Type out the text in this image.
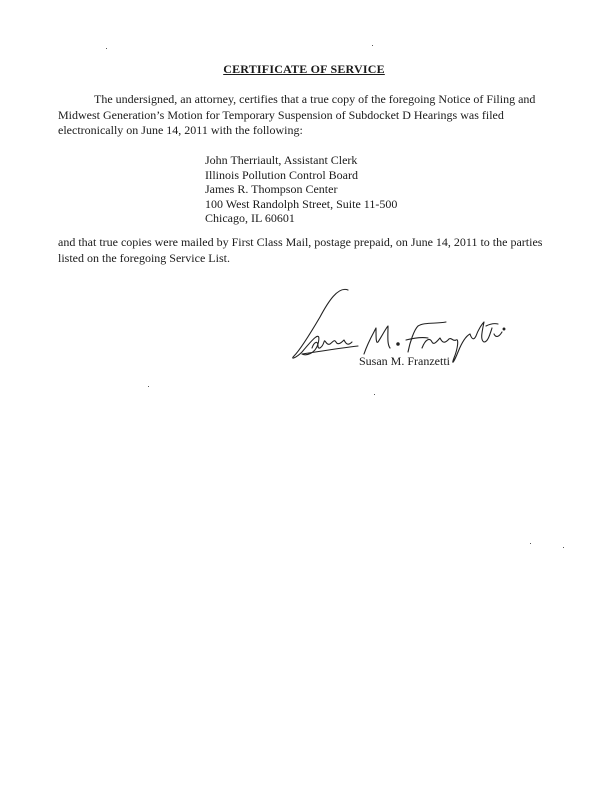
CERTIFICATE OF SERVICE
The undersigned, an attorney, certifies that a true copy of the foregoing Notice of Filing and Midwest Generation’s Motion for Temporary Suspension of Subdocket D Hearings was filed electronically on June 14, 2011 with the following:
John Therriault, Assistant Clerk
Illinois Pollution Control Board
James R. Thompson Center
100 West Randolph Street, Suite 11-500
Chicago, IL 60601
and that true copies were mailed by First Class Mail, postage prepaid, on June 14, 2011 to the parties listed on the foregoing Service List.
Susan M. Franzetti
